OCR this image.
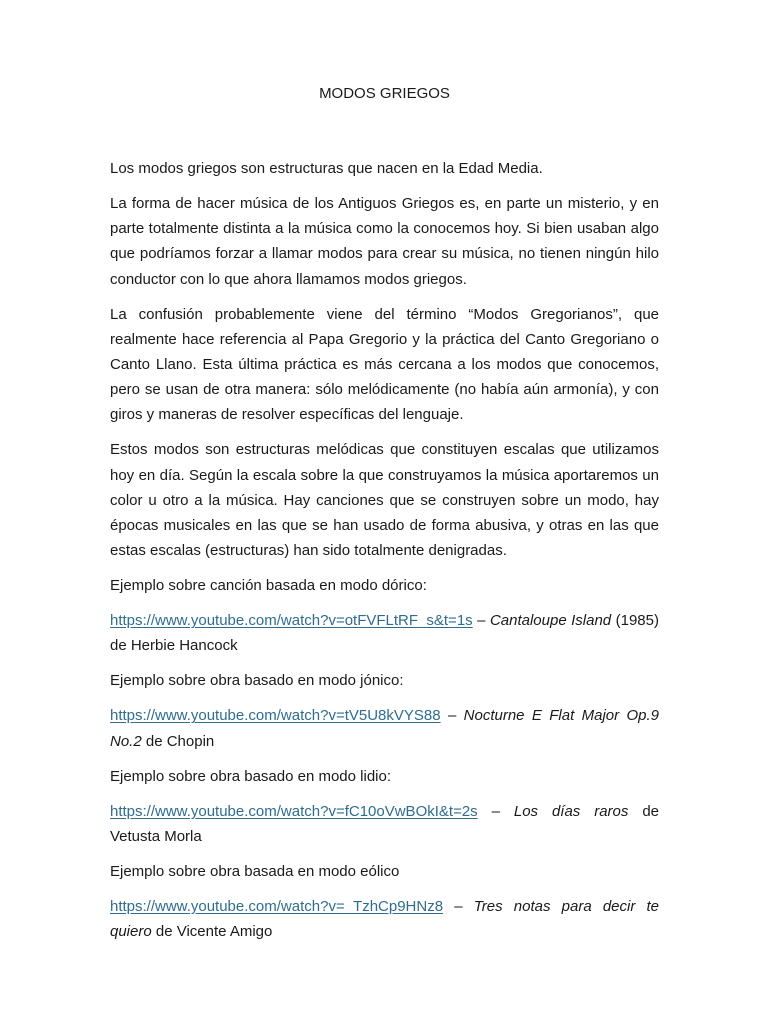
MODOS GRIEGOS

Los modos griegos son estructuras que nacen en la Edad Media.

La forma de hacer música de los Antiguos Griegos es, en parte un misterio, y en parte totalmente distinta a la música como la conocemos hoy. Si bien usaban algo que podríamos forzar a llamar modos para crear su música, no tienen ningún hilo conductor con lo que ahora llamamos modos griegos.

La confusión probablemente viene del término “Modos Gregorianos”, que realmente hace referencia al Papa Gregorio y la práctica del Canto Gregoriano o Canto Llano. Esta última práctica es más cercana a los modos que conocemos, pero se usan de otra manera: sólo melódicamente (no había aún armonía), y con giros y maneras de resolver específicas del lenguaje.

Estos modos son estructuras melódicas que constituyen escalas que utilizamos hoy en día. Según la escala sobre la que construyamos la música aportaremos un color u otro a la música. Hay canciones que se construyen sobre un modo, hay épocas musicales en las que se han usado de forma abusiva, y otras en las que estas escalas (estructuras) han sido totalmente denigradas.

Ejemplo sobre canción basada en modo dórico:

https://www.youtube.com/watch?v=otFVFLtRF_s&t=1s – Cantaloupe Island (1985) de Herbie Hancock

Ejemplo sobre obra basado en modo jónico:

https://www.youtube.com/watch?v=tV5U8kVYS88 – Nocturne E Flat Major Op.9 No.2 de Chopin

Ejemplo sobre obra basado en modo lidio:

https://www.youtube.com/watch?v=fC10oVwBOkI&t=2s – Los días raros de Vetusta Morla

Ejemplo sobre obra basada en modo eólico

https://www.youtube.com/watch?v=_TzhCp9HNz8 – Tres notas para decir te quiero de Vicente Amigo
